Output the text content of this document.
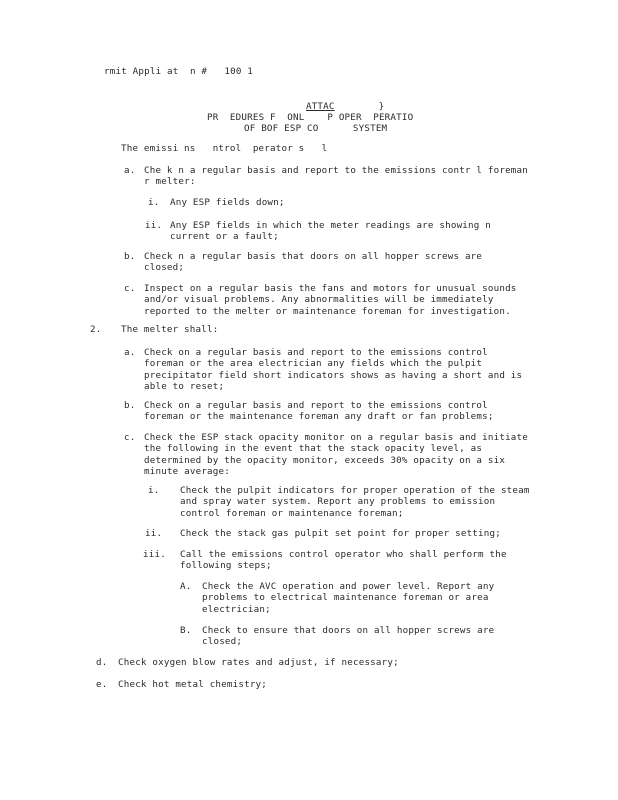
rmit Appli at  n #   100 1

ATTAC	}

PR  EDURES F  ONL    P OPER  PERATIO
OF BOF ESP CO      SYSTEM
The emissi ns   ntrol  perator s   l
a. Che k n a regular basis and report to the emissions contr l foreman r melter:
i. Any ESP fields down;
ii. Any ESP fields in which the meter readings are showing n current or a fault;
b. Check n a regular basis that doors on all hopper screws are closed;
c. Inspect on a regular basis the fans and motors for unusual sounds and/or visual problems. Any abnormalities will be immediately reported to the melter or maintenance foreman for investigation.
2. The melter shall:
a. Check on a regular basis and report to the emissions control foreman or the area electrician any fields which the pulpit precipitator field short indicators shows as having a short and is able to reset;
b. Check on a regular basis and report to the emissions control foreman or the maintenance foreman any draft or fan problems;
c. Check the ESP stack opacity monitor on a regular basis and initiate the following in the event that the stack opacity level, as determined by the opacity monitor, exceeds 30% opacity on a six minute average:
i. Check the pulpit indicators for proper operation of the steam and spray water system. Report any problems to emission control foreman or maintenance foreman;
ii. Check the stack gas pulpit set point for proper setting;
iii. Call the emissions control operator who shall perform the following steps;
A. Check the AVC operation and power level. Report any problems to electrical maintenance foreman or area electrician;
B. Check to ensure that doors on all hopper screws are closed;
d. Check oxygen blow rates and adjust, if necessary;
e. Check hot metal chemistry;
